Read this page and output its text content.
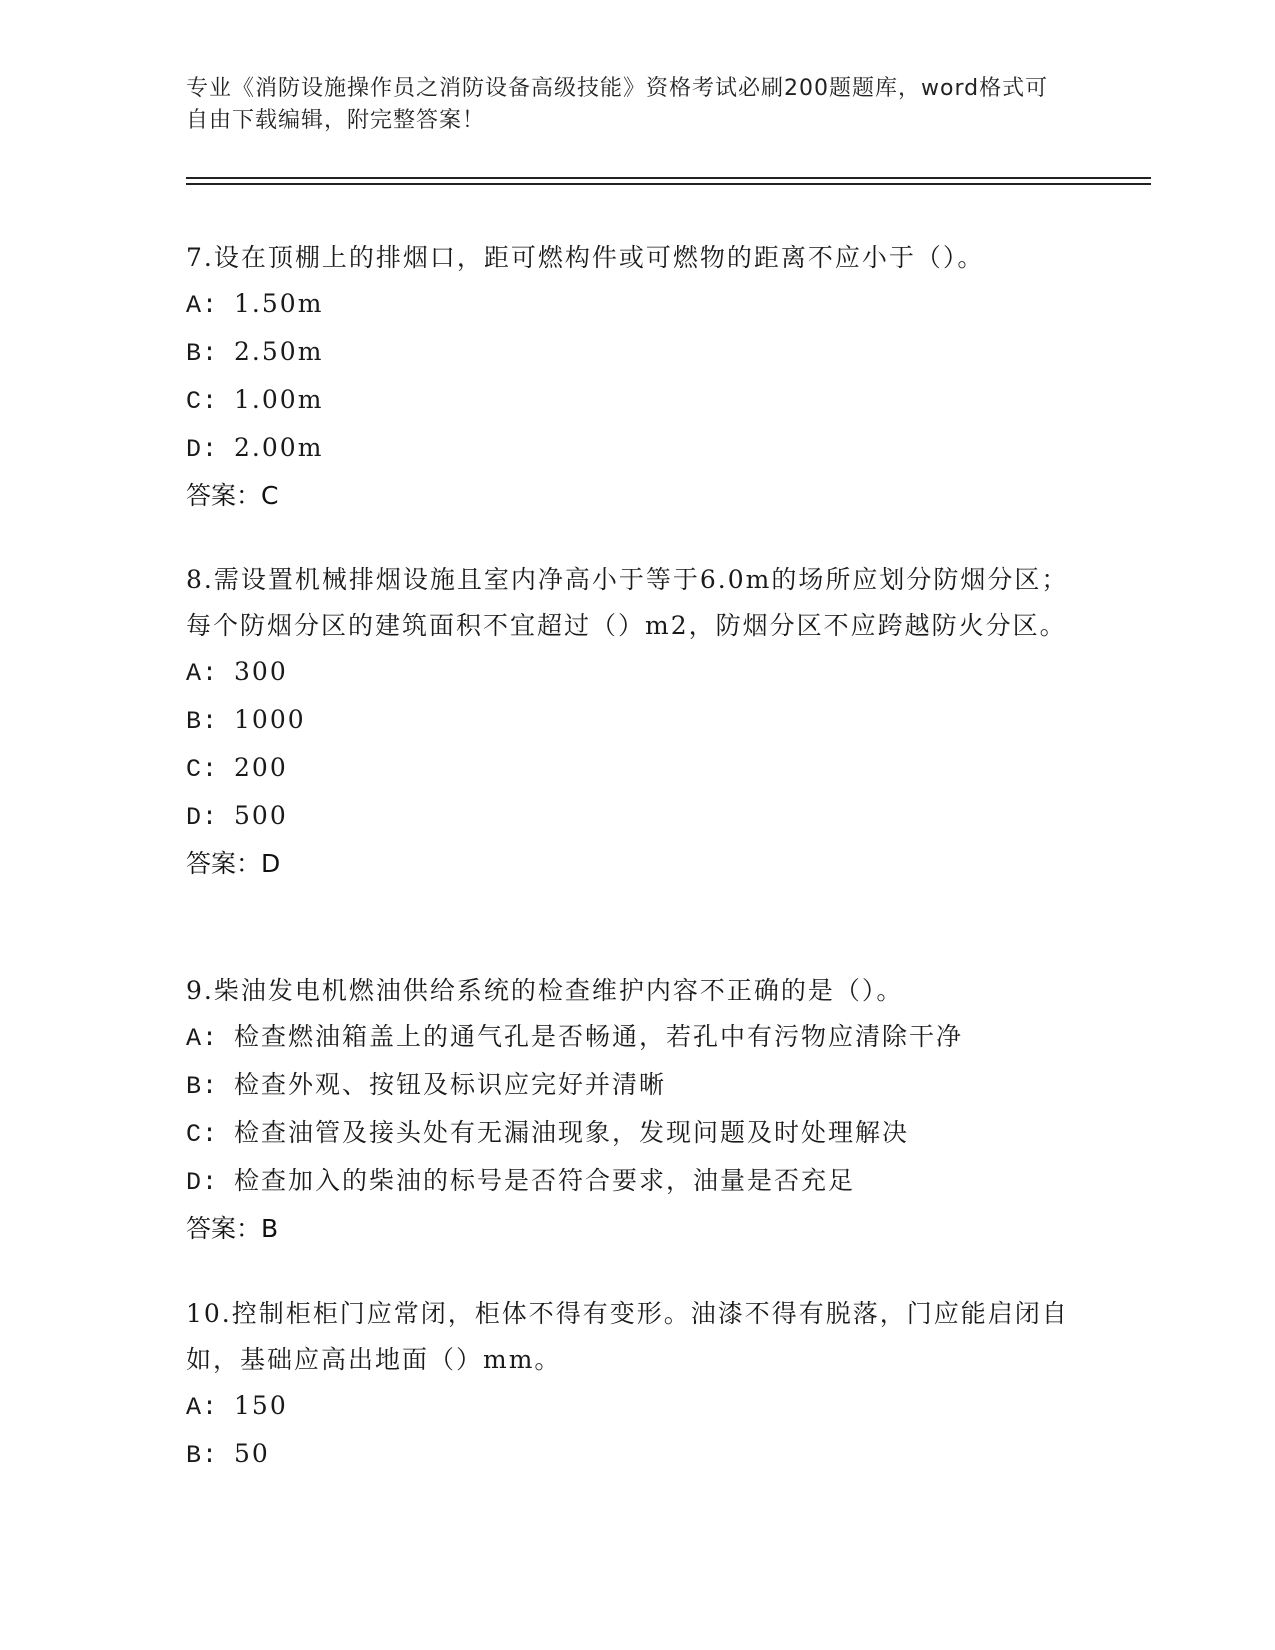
专业《消防设施操作员之消防设备高级技能》资格考试必刷200题题库，word格式可自由下载编辑，附完整答案！

7.设在顶棚上的排烟口，距可燃构件或可燃物的距离不应小于（）。

A: 1.50m

B: 2.50m

C: 1.00m

D: 2.00m

答案：C

8.需设置机械排烟设施且室内净高小于等于6.0m的场所应划分防烟分区；每个防烟分区的建筑面积不宜超过（）m2，防烟分区不应跨越防火分区。

A: 300

B: 1000

C: 200

D: 500

答案：D

9.柴油发电机燃油供给系统的检查维护内容不正确的是（）。

A: 检查燃油箱盖上的通气孔是否畅通，若孔中有污物应清除干净

B: 检查外观、按钮及标识应完好并清晰

C: 检查油管及接头处有无漏油现象，发现问题及时处理解决

D: 检查加入的柴油的标号是否符合要求，油量是否充足

答案：B

10.控制柜柜门应常闭，柜体不得有变形。油漆不得有脱落，门应能启闭自如，基础应高出地面（）mm。

A: 150

B: 50
